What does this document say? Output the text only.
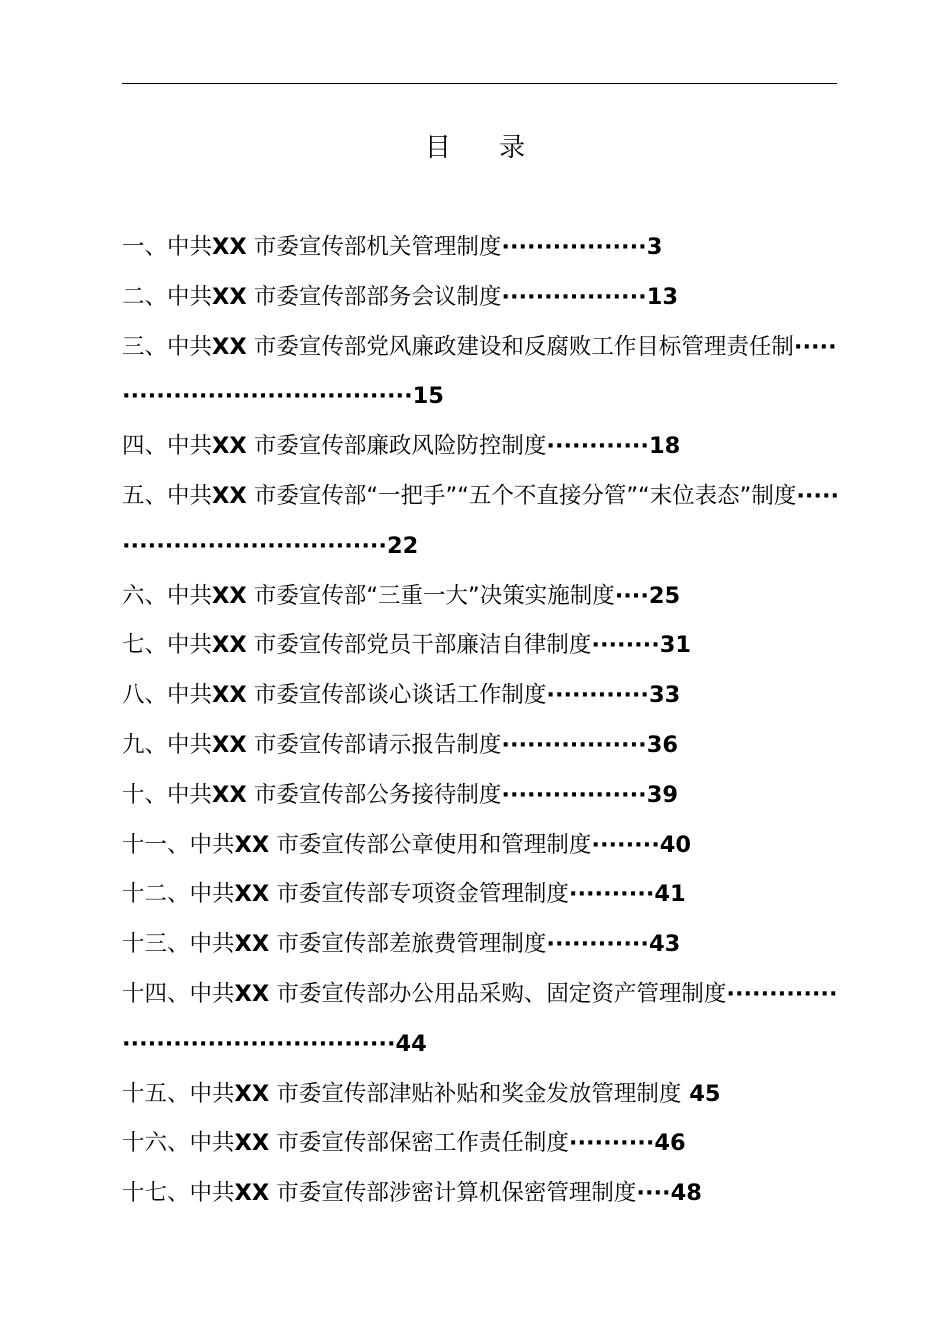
目 录
一、中共XX 市委宣传部机关管理制度·················3
二、中共XX 市委宣传部部务会议制度·················13
三、中共XX 市委宣传部党风廉政建设和反腐败工作目标管理责任制·······································15
四、中共XX 市委宣传部廉政风险防控制度············18
五、中共XX 市委宣传部“一把手”“五个不直接分管”“末位表态”制度····································22
六、中共XX 市委宣传部“三重一大”决策实施制度····25
七、中共XX 市委宣传部党员干部廉洁自律制度········31
八、中共XX 市委宣传部谈心谈话工作制度············33
九、中共XX 市委宣传部请示报告制度·················36
十、中共XX 市委宣传部公务接待制度·················39
十一、中共XX 市委宣传部公章使用和管理制度········40
十二、中共XX 市委宣传部专项资金管理制度··········41
十三、中共XX 市委宣传部差旅费管理制度············43
十四、中共XX 市委宣传部办公用品采购、固定资产管理制度·············································44
十五、中共XX 市委宣传部津贴补贴和奖金发放管理制度 45
十六、中共XX 市委宣传部保密工作责任制度··········46
十七、中共XX 市委宣传部涉密计算机保密管理制度····48
